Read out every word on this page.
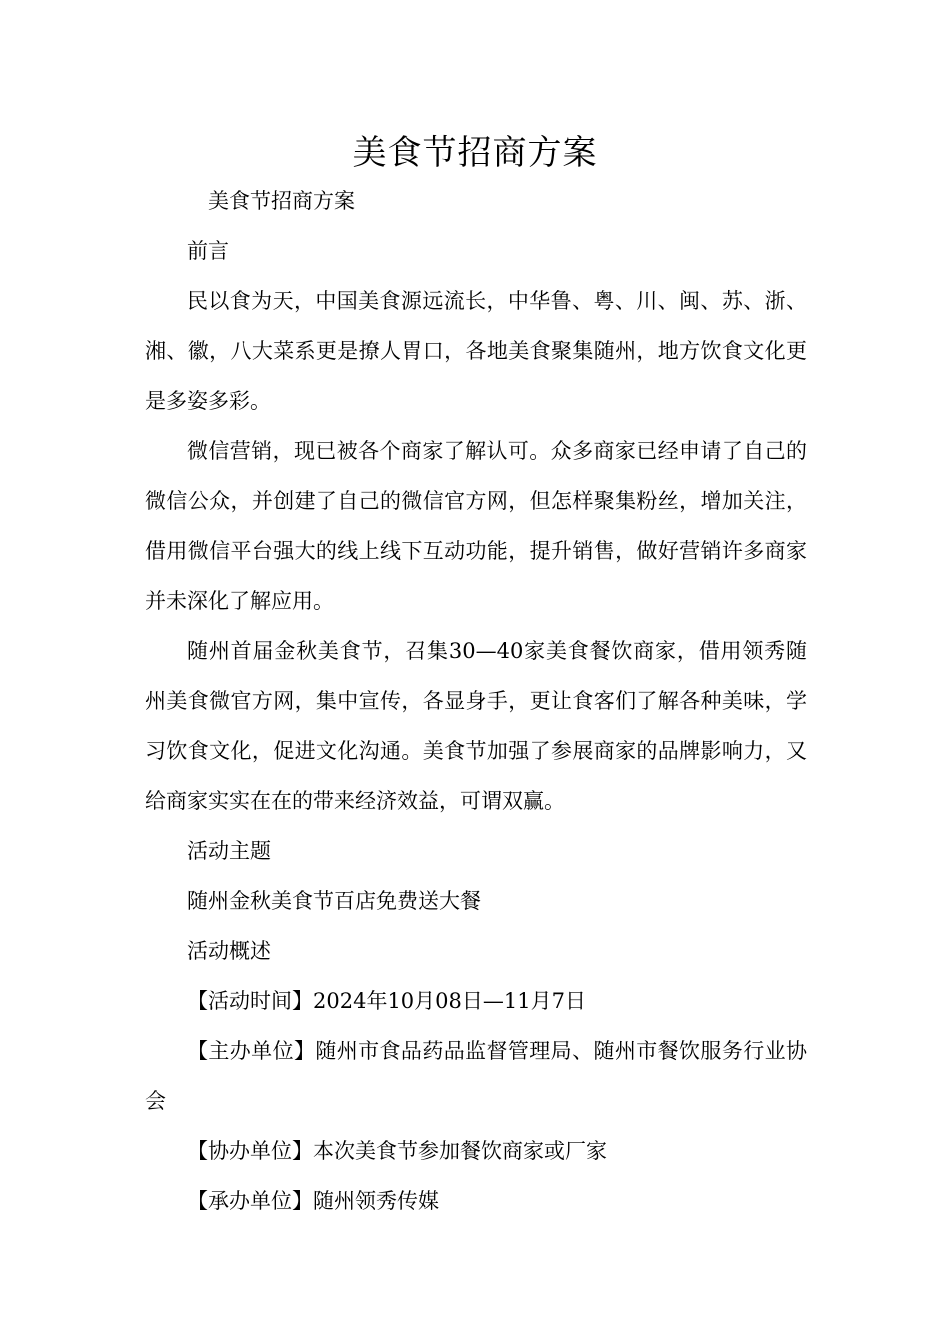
美食节招商方案

美食节招商方案

前言

民以食为天，中国美食源远流长，中华鲁、粤、川、闽、苏、浙、湘、徽，八大菜系更是撩人胃口，各地美食聚集随州，地方饮食文化更是多姿多彩。

微信营销，现已被各个商家了解认可。众多商家已经申请了自己的微信公众，并创建了自己的微信官方网，但怎样聚集粉丝，增加关注，借用微信平台强大的线上线下互动功能，提升销售，做好营销许多商家并未深化了解应用。

随州首届金秋美食节，召集30—40家美食餐饮商家，借用领秀随州美食微官方网，集中宣传，各显身手，更让食客们了解各种美味，学习饮食文化，促进文化沟通。美食节加强了参展商家的品牌影响力，又给商家实实在在的带来经济效益，可谓双赢。

活动主题

随州金秋美食节百店免费送大餐

活动概述

【活动时间】2024年10月08日—11月7日

【主办单位】随州市食品药品监督管理局、随州市餐饮服务行业协会

【协办单位】本次美食节参加餐饮商家或厂家

【承办单位】随州领秀传媒
